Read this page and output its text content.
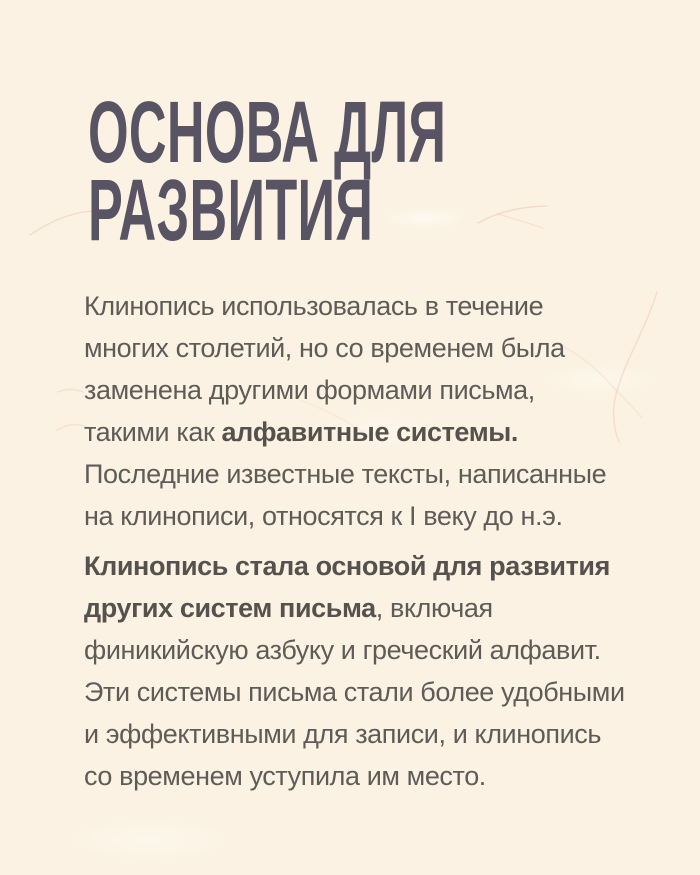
ОСНОВА ДЛЯ
РАЗВИТИЯ

Клинопись использовалась в течение
многих столетий, но со временем была
заменена другими формами письма,
такими как алфавитные системы.
Последние известные тексты, написанные
на клинописи, относятся к I веку до н.э.

Клинопись стала основой для развития
других систем письма, включая
финикийскую азбуку и греческий алфавит.
Эти системы письма стали более удобными
и эффективными для записи, и клинопись
со временем уступила им место.
